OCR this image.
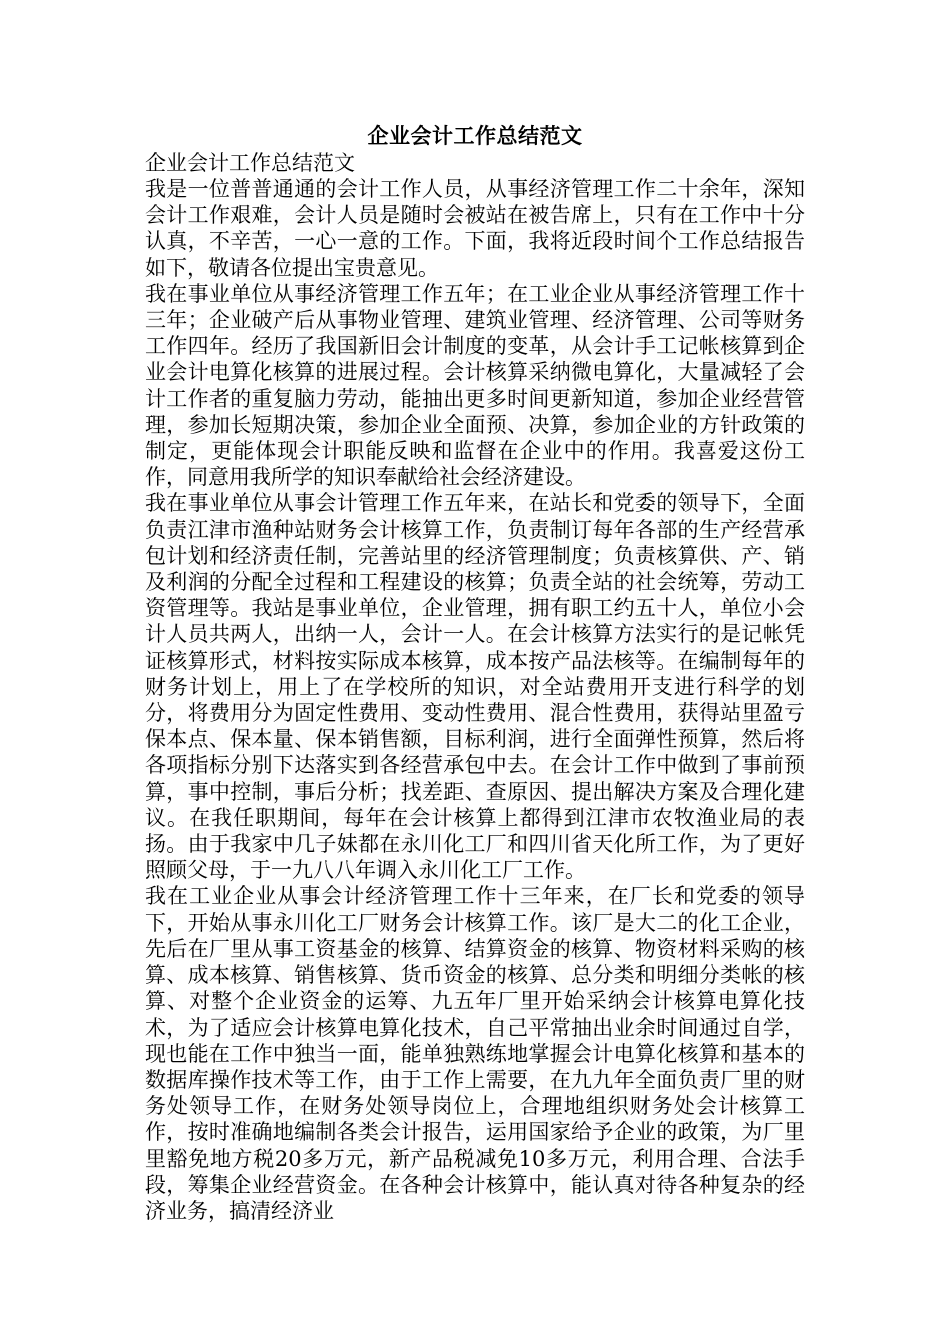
企业会计工作总结范文

企业会计工作总结范文

我是一位普普通通的会计工作人员，从事经济管理工作二十余年，深知会计工作艰难，会计人员是随时会被站在被告席上，只有在工作中十分认真，不辛苦，一心一意的工作。下面，我将近段时间个工作总结报告如下，敬请各位提出宝贵意见。

我在事业单位从事经济管理工作五年；在工业企业从事经济管理工作十三年；企业破产后从事物业管理、建筑业管理、经济管理、公司等财务工作四年。经历了我国新旧会计制度的变革，从会计手工记帐核算到企业会计电算化核算的进展过程。会计核算采纳微电算化，大量减轻了会计工作者的重复脑力劳动，能抽出更多时间更新知道，参加企业经营管理，参加长短期决策，参加企业全面预、决算，参加企业的方针政策的制定，更能体现会计职能反映和监督在企业中的作用。我喜爱这份工作，同意用我所学的知识奉献给社会经济建设。

我在事业单位从事会计管理工作五年来，在站长和党委的领导下，全面负责江津市渔种站财务会计核算工作，负责制订每年各部的生产经营承包计划和经济责任制，完善站里的经济管理制度；负责核算供、产、销及利润的分配全过程和工程建设的核算；负责全站的社会统筹，劳动工资管理等。我站是事业单位，企业管理，拥有职工约五十人，单位小会计人员共两人，出纳一人，会计一人。在会计核算方法实行的是记帐凭证核算形式，材料按实际成本核算，成本按产品法核等。在编制每年的财务计划上，用上了在学校所的知识，对全站费用开支进行科学的划分，将费用分为固定性费用、变动性费用、混合性费用，获得站里盈亏保本点、保本量、保本销售额，目标利润，进行全面弹性预算，然后将各项指标分别下达落实到各经营承包中去。在会计工作中做到了事前预算，事中控制，事后分析；找差距、查原因、提出解决方案及合理化建议。在我任职期间，每年在会计核算上都得到江津市农牧渔业局的表扬。由于我家中几子妹都在永川化工厂和四川省天化所工作，为了更好照顾父母，于一九八八年调入永川化工厂工作。

我在工业企业从事会计经济管理工作十三年来，在厂长和党委的领导下，开始从事永川化工厂财务会计核算工作。该厂是大二的化工企业，先后在厂里从事工资基金的核算、结算资金的核算、物资材料采购的核算、成本核算、销售核算、货币资金的核算、总分类和明细分类帐的核算、对整个企业资金的运筹、九五年厂里开始采纳会计核算电算化技术，为了适应会计核算电算化技术，自己平常抽出业余时间通过自学，现也能在工作中独当一面，能单独熟练地掌握会计电算化核算和基本的数据库操作技术等工作，由于工作上需要，在九九年全面负责厂里的财务处领导工作，在财务处领导岗位上，合理地组织财务处会计核算工作，按时准确地编制各类会计报告，运用国家给予企业的政策，为厂里里豁免地方税20多万元，新产品税减免10多万元，利用合理、合法手段，筹集企业经营资金。在各种会计核算中，能认真对待各种复杂的经济业务，搞清经济业
